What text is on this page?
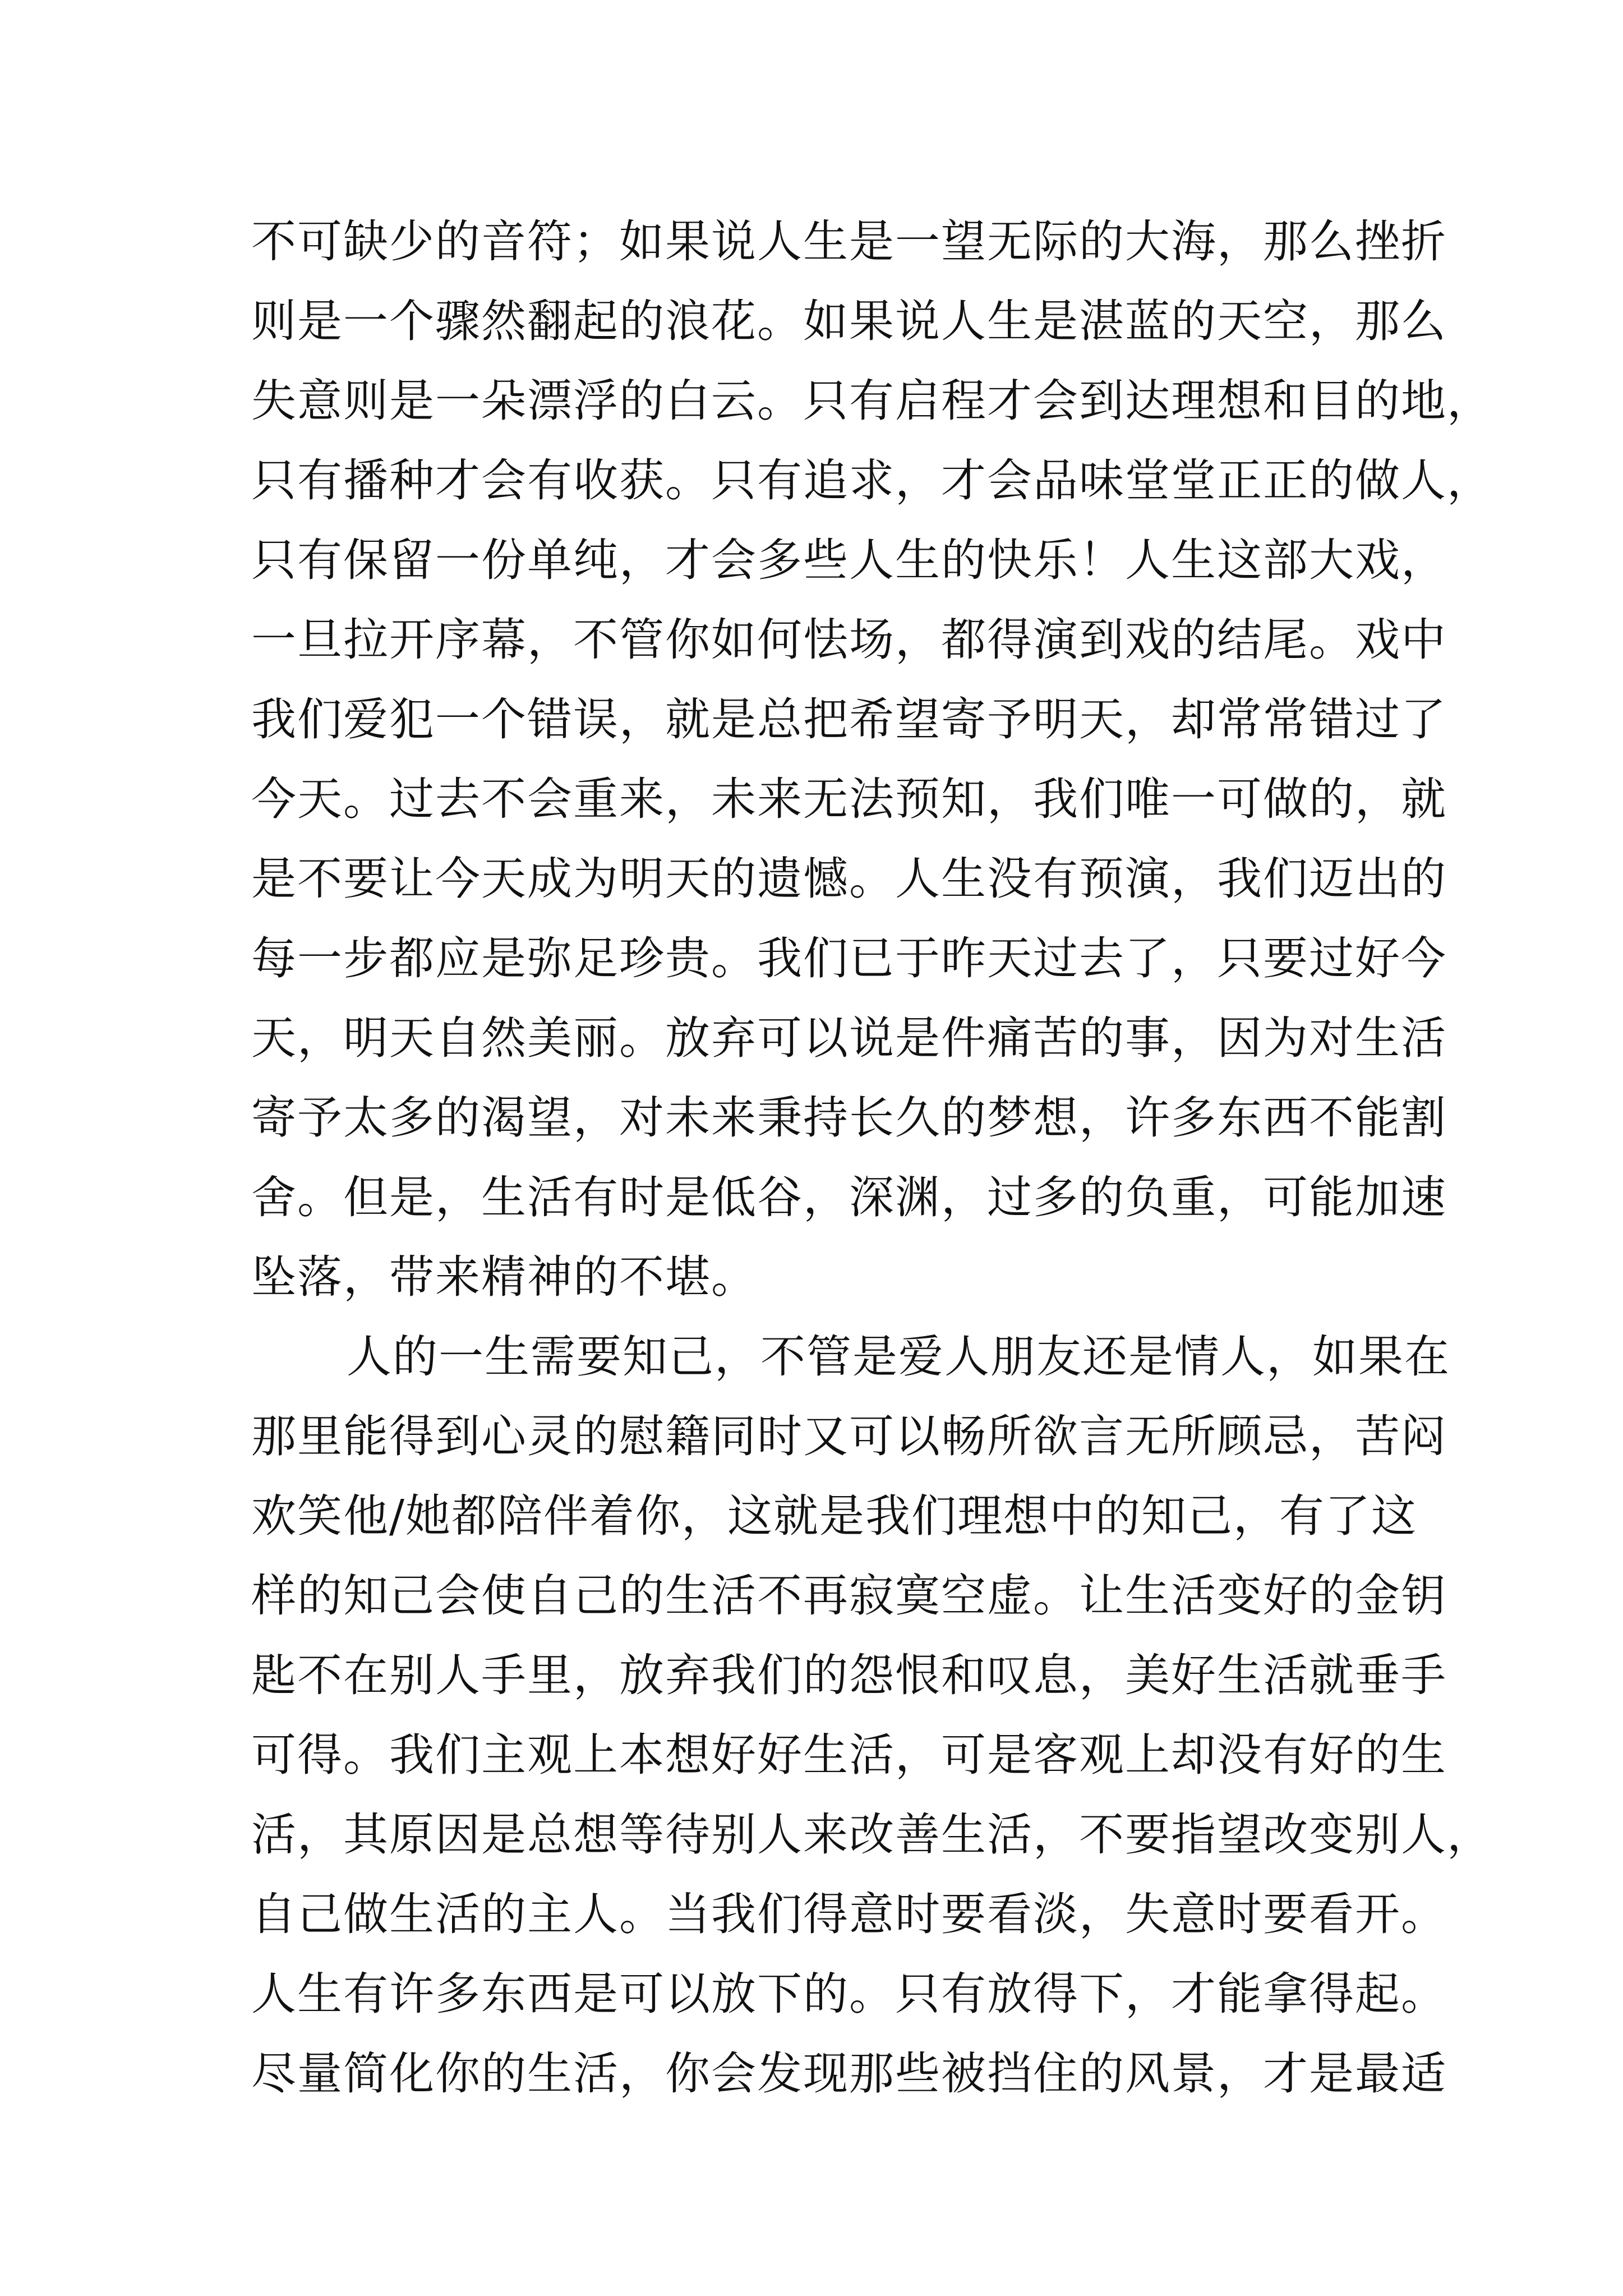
不可缺少的音符；如果说人生是一望无际的大海，那么挫折
则是一个骤然翻起的浪花。如果说人生是湛蓝的天空，那么
失意则是一朵漂浮的白云。只有启程才会到达理想和目的地，
只有播种才会有收获。只有追求，才会品味堂堂正正的做人，
只有保留一份单纯，才会多些人生的快乐！人生这部大戏，
一旦拉开序幕，不管你如何怯场，都得演到戏的结尾。戏中
我们爱犯一个错误，就是总把希望寄予明天，却常常错过了
今天。过去不会重来，未来无法预知，我们唯一可做的，就
是不要让今天成为明天的遗憾。人生没有预演，我们迈出的
每一步都应是弥足珍贵。我们已于昨天过去了，只要过好今
天，明天自然美丽。放弃可以说是件痛苦的事，因为对生活
寄予太多的渴望，对未来秉持长久的梦想，许多东西不能割
舍。但是，生活有时是低谷，深渊，过多的负重，可能加速
坠落，带来精神的不堪。
人的一生需要知己，不管是爱人朋友还是情人，如果在
那里能得到心灵的慰籍同时又可以畅所欲言无所顾忌，苦闷
欢笑他/她都陪伴着你，这就是我们理想中的知己，有了这
样的知己会使自己的生活不再寂寞空虚。让生活变好的金钥
匙不在别人手里，放弃我们的怨恨和叹息，美好生活就垂手
可得。我们主观上本想好好生活，可是客观上却没有好的生
活，其原因是总想等待别人来改善生活，不要指望改变别人，
自己做生活的主人。当我们得意时要看淡，失意时要看开。
人生有许多东西是可以放下的。只有放得下，才能拿得起。
尽量简化你的生活，你会发现那些被挡住的风景，才是最适
